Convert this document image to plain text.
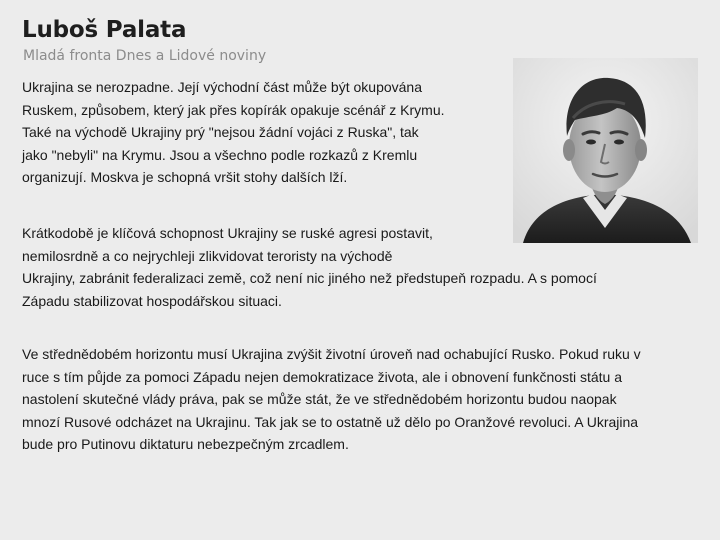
Luboš Palata
Mladá fronta Dnes a Lidové noviny

Ukrajina se nerozpadne. Její východní část může být okupována
Ruskem, způsobem, který jak přes kopírák opakuje scénář z Krymu.
Také na východě Ukrajiny prý "nejsou žádní vojáci z Ruska", tak
jako "nebyli" na Krymu. Jsou a všechno podle rozkazů z Kremlu
organizují. Moskva je schopná vršit stohy dalších lží.

Krátkodobě je klíčová schopnost Ukrajiny se ruské agresi postavit,
nemilosrdně a co nejrychleji zlikvidovat teroristy na východě
Ukrajiny, zabránit federalizaci země, což není nic jiného než předstupeň rozpadu. A s pomocí
Západu stabilizovat hospodářskou situaci.

Ve střednědobém horizontu musí Ukrajina zvýšit životní úroveň nad ochabující Rusko. Pokud ruku v
ruce s tím půjde za pomoci Západu nejen demokratizace života, ale i obnovení funkčnosti státu a
nastolení skutečné vlády práva, pak se může stát, že ve střednědobém horizontu budou naopak
mnozí Rusové odcházet na Ukrajinu. Tak jak se to ostatně už dělo po Oranžové revoluci. A Ukrajina
bude pro Putinovu diktaturu nebezpečným zrcadlem.
